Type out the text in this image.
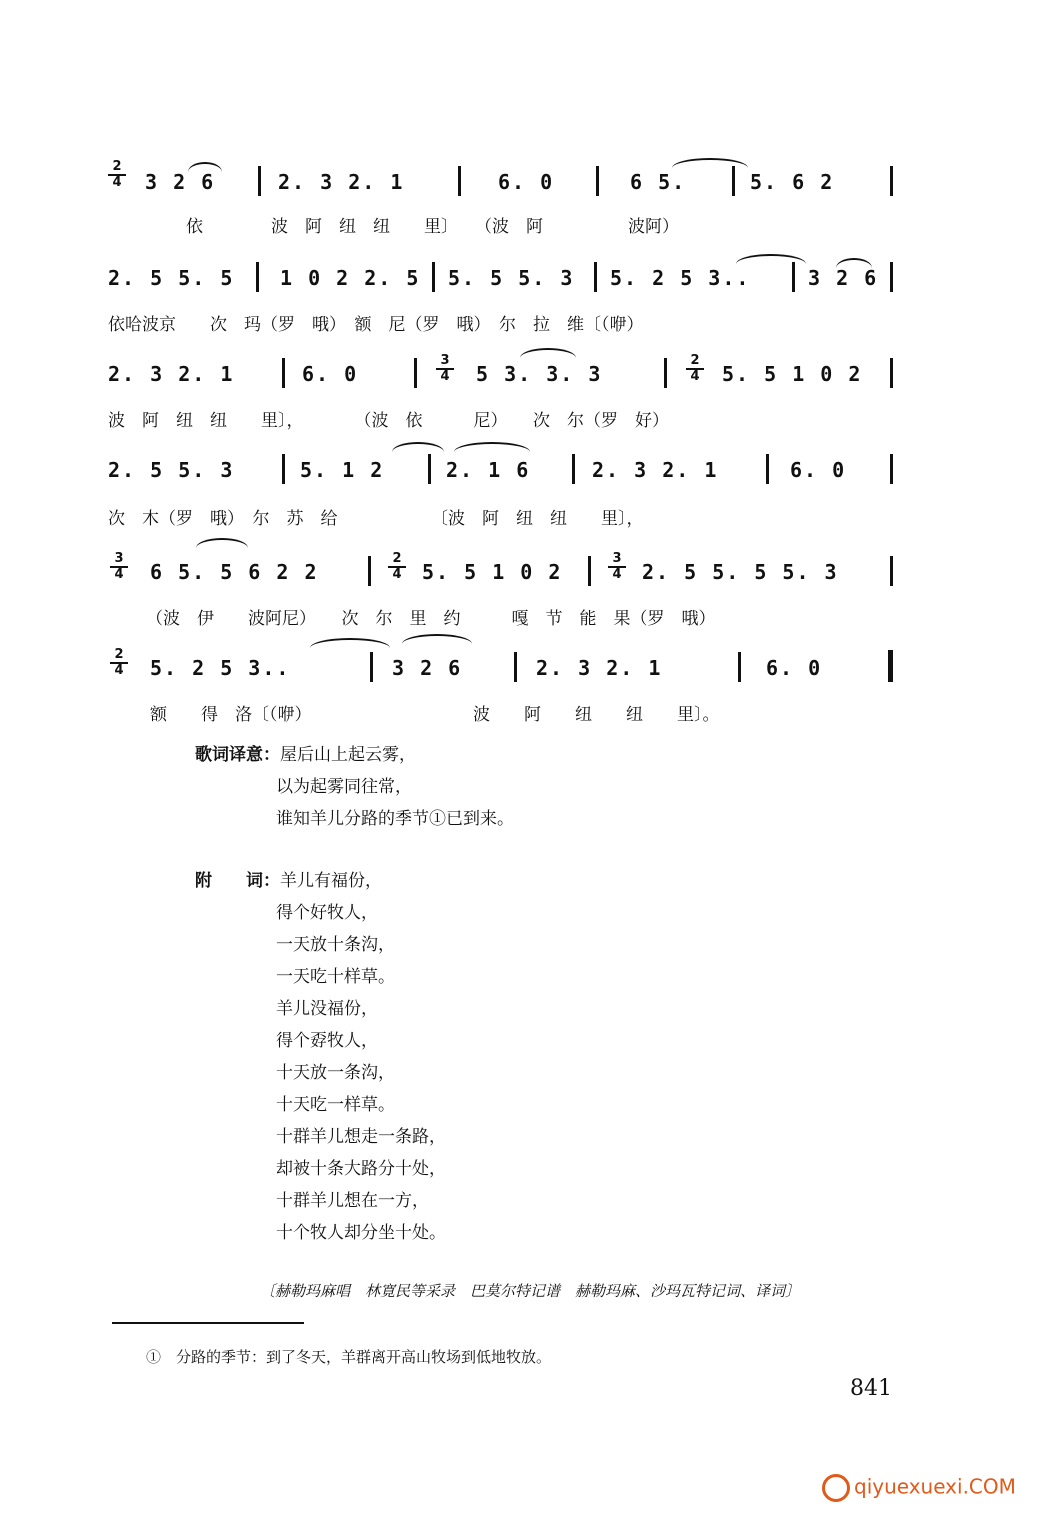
2
4 3 2 6	2. 3 2. 1	6. 0	6 5.	5. 6 2
依　　　　波　阿　纽　纽　　里〕　　（波　阿　　　　　波阿）
2. 5 5. 5 1 0 2 2. 5 5. 5 5. 3 5. 2 5 3..	3 2 6
依哈波京　　次　玛（罗　哦）　额　尼（罗　哦）　尔　拉　维〔（咿）
2. 3 2. 1	6. 0
3
4 5 3. 3. 3
2
4 5. 5 1 0 2
波　阿　纽　纽　　里〕，　　　　（波　依　　　尼）　　次　尔（罗　好）
2. 5 5. 3	5. 1 2	2. 1 6	2. 3 2. 1	6. 0
次　木（罗　哦）　尔　苏　给　　　　　　〔波　阿　纽　纽　　里〕，
3
4 6 5. 5 6 2 2
2
4 5. 5 1 0 2
3
4 2. 5 5. 5 5. 3
（波　伊　　波阿尼）　　次　尔　里　约　　　嘎　节　能　果（罗　哦）
2
4 5. 2 5 3..	3 2 6	2. 3 2. 1	6. 0
额　　得　洛〔（咿）　　　　　　　　　　波　　阿　　纽　　纽　　里〕。
歌词译意：屋后山上起云雾，
以为起雾同往常，
谁知羊儿分路的季节①已到来。
附　　词：羊儿有福份，
得个好牧人，
一天放十条沟，
一天吃十样草。
羊儿没福份，
得个孬牧人，
十天放一条沟，
十天吃一样草。
十群羊儿想走一条路，
却被十条大路分十处，
十群羊儿想在一方，
十个牧人却分坐十处。
〔赫勒玛麻唱　林寛民等采录　巴莫尔特记谱　赫勒玛麻、沙玛瓦特记词、译词〕
①　分路的季节：到了冬天，羊群离开高山牧场到低地牧放。
841
qiyuexuexi.COM
